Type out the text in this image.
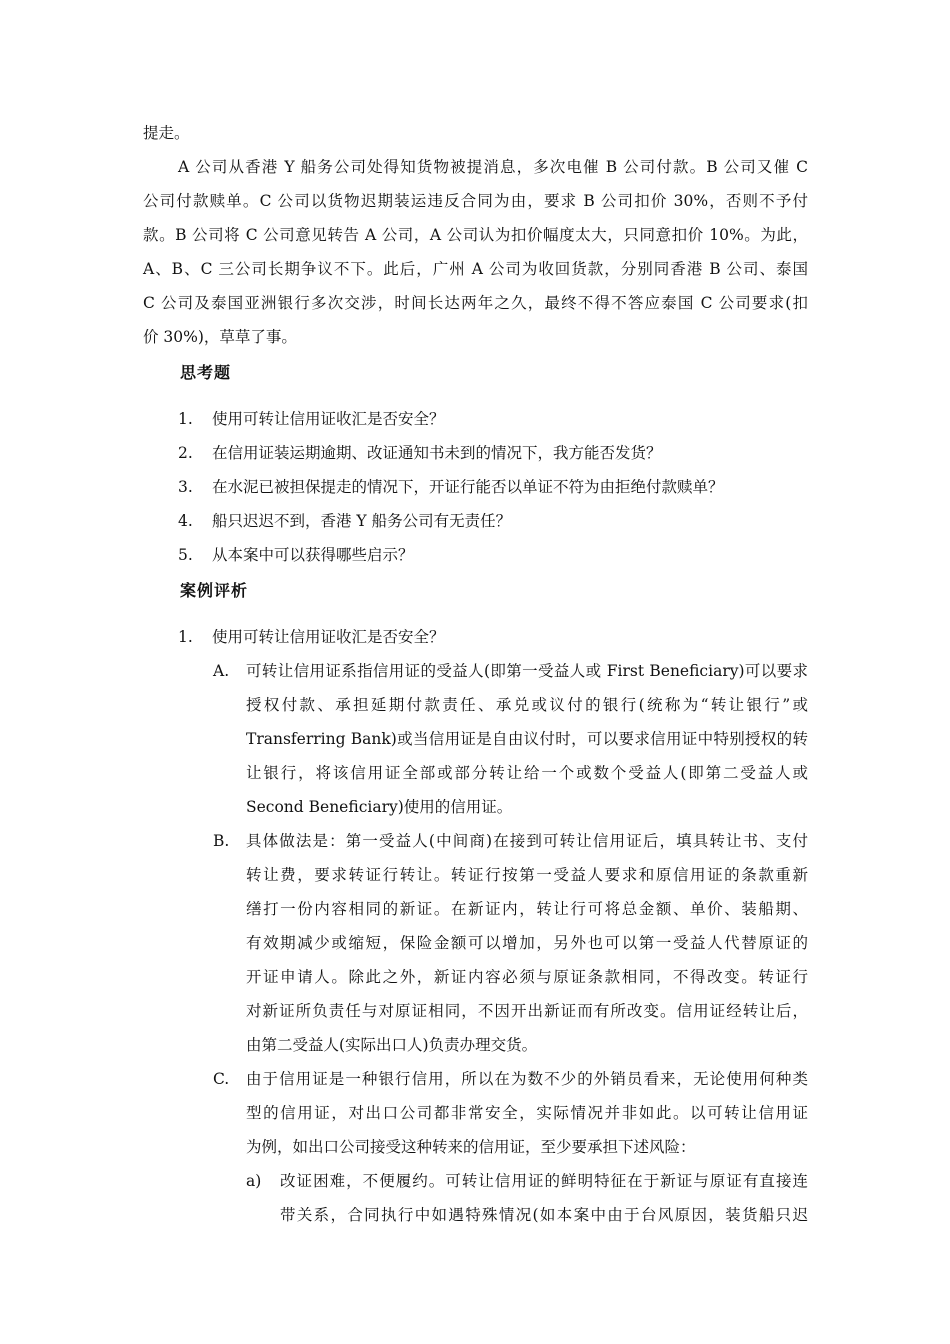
提走。
A 公司从香港 Y 船务公司处得知货物被提消息，多次电催 B 公司付款。B 公司又催 C
公司付款赎单。C 公司以货物迟期装运违反合同为由，要求 B 公司扣价 30%，否则不予付
款。B 公司将 C 公司意见转告 A 公司，A 公司认为扣价幅度太大，只同意扣价 10%。为此，
A、B、C 三公司长期争议不下。此后，广州 A 公司为收回货款，分别同香港 B 公司、泰国
C 公司及泰国亚洲银行多次交涉，时间长达两年之久，最终不得不答应泰国 C 公司要求(扣
价 30%)，草草了事。
思考题
1. 使用可转让信用证收汇是否安全？
2. 在信用证装运期逾期、改证通知书未到的情况下，我方能否发货？
3. 在水泥已被担保提走的情况下，开证行能否以单证不符为由拒绝付款赎单？
4. 船只迟迟不到，香港 Y 船务公司有无责任？
5. 从本案中可以获得哪些启示？
案例评析
1. 使用可转让信用证收汇是否安全？
A. 可转让信用证系指信用证的受益人(即第一受益人或 First Beneficiary)可以要求
授权付款、承担延期付款责任、承兑或议付的银行(统称为“转让银行”或
Transferring Bank)或当信用证是自由议付时，可以要求信用证中特别授权的转
让银行，将该信用证全部或部分转让给一个或数个受益人(即第二受益人或
Second Beneficiary)使用的信用证。
B. 具体做法是：第一受益人(中间商)在接到可转让信用证后，填具转让书、支付
转让费，要求转证行转让。转证行按第一受益人要求和原信用证的条款重新
缮打一份内容相同的新证。在新证内，转让行可将总金额、单价、装船期、
有效期减少或缩短，保险金额可以增加，另外也可以第一受益人代替原证的
开证申请人。除此之外，新证内容必须与原证条款相同，不得改变。转证行
对新证所负责任与对原证相同，不因开出新证而有所改变。信用证经转让后，
由第二受益人(实际出口人)负责办理交货。
C. 由于信用证是一种银行信用，所以在为数不少的外销员看来，无论使用何种类
型的信用证，对出口公司都非常安全，实际情况并非如此。以可转让信用证
为例，如出口公司接受这种转来的信用证，至少要承担下述风险：
a) 改证困难，不便履约。可转让信用证的鲜明特征在于新证与原证有直接连
带关系，合同执行中如遇特殊情况(如本案中由于台风原因，装货船只迟
